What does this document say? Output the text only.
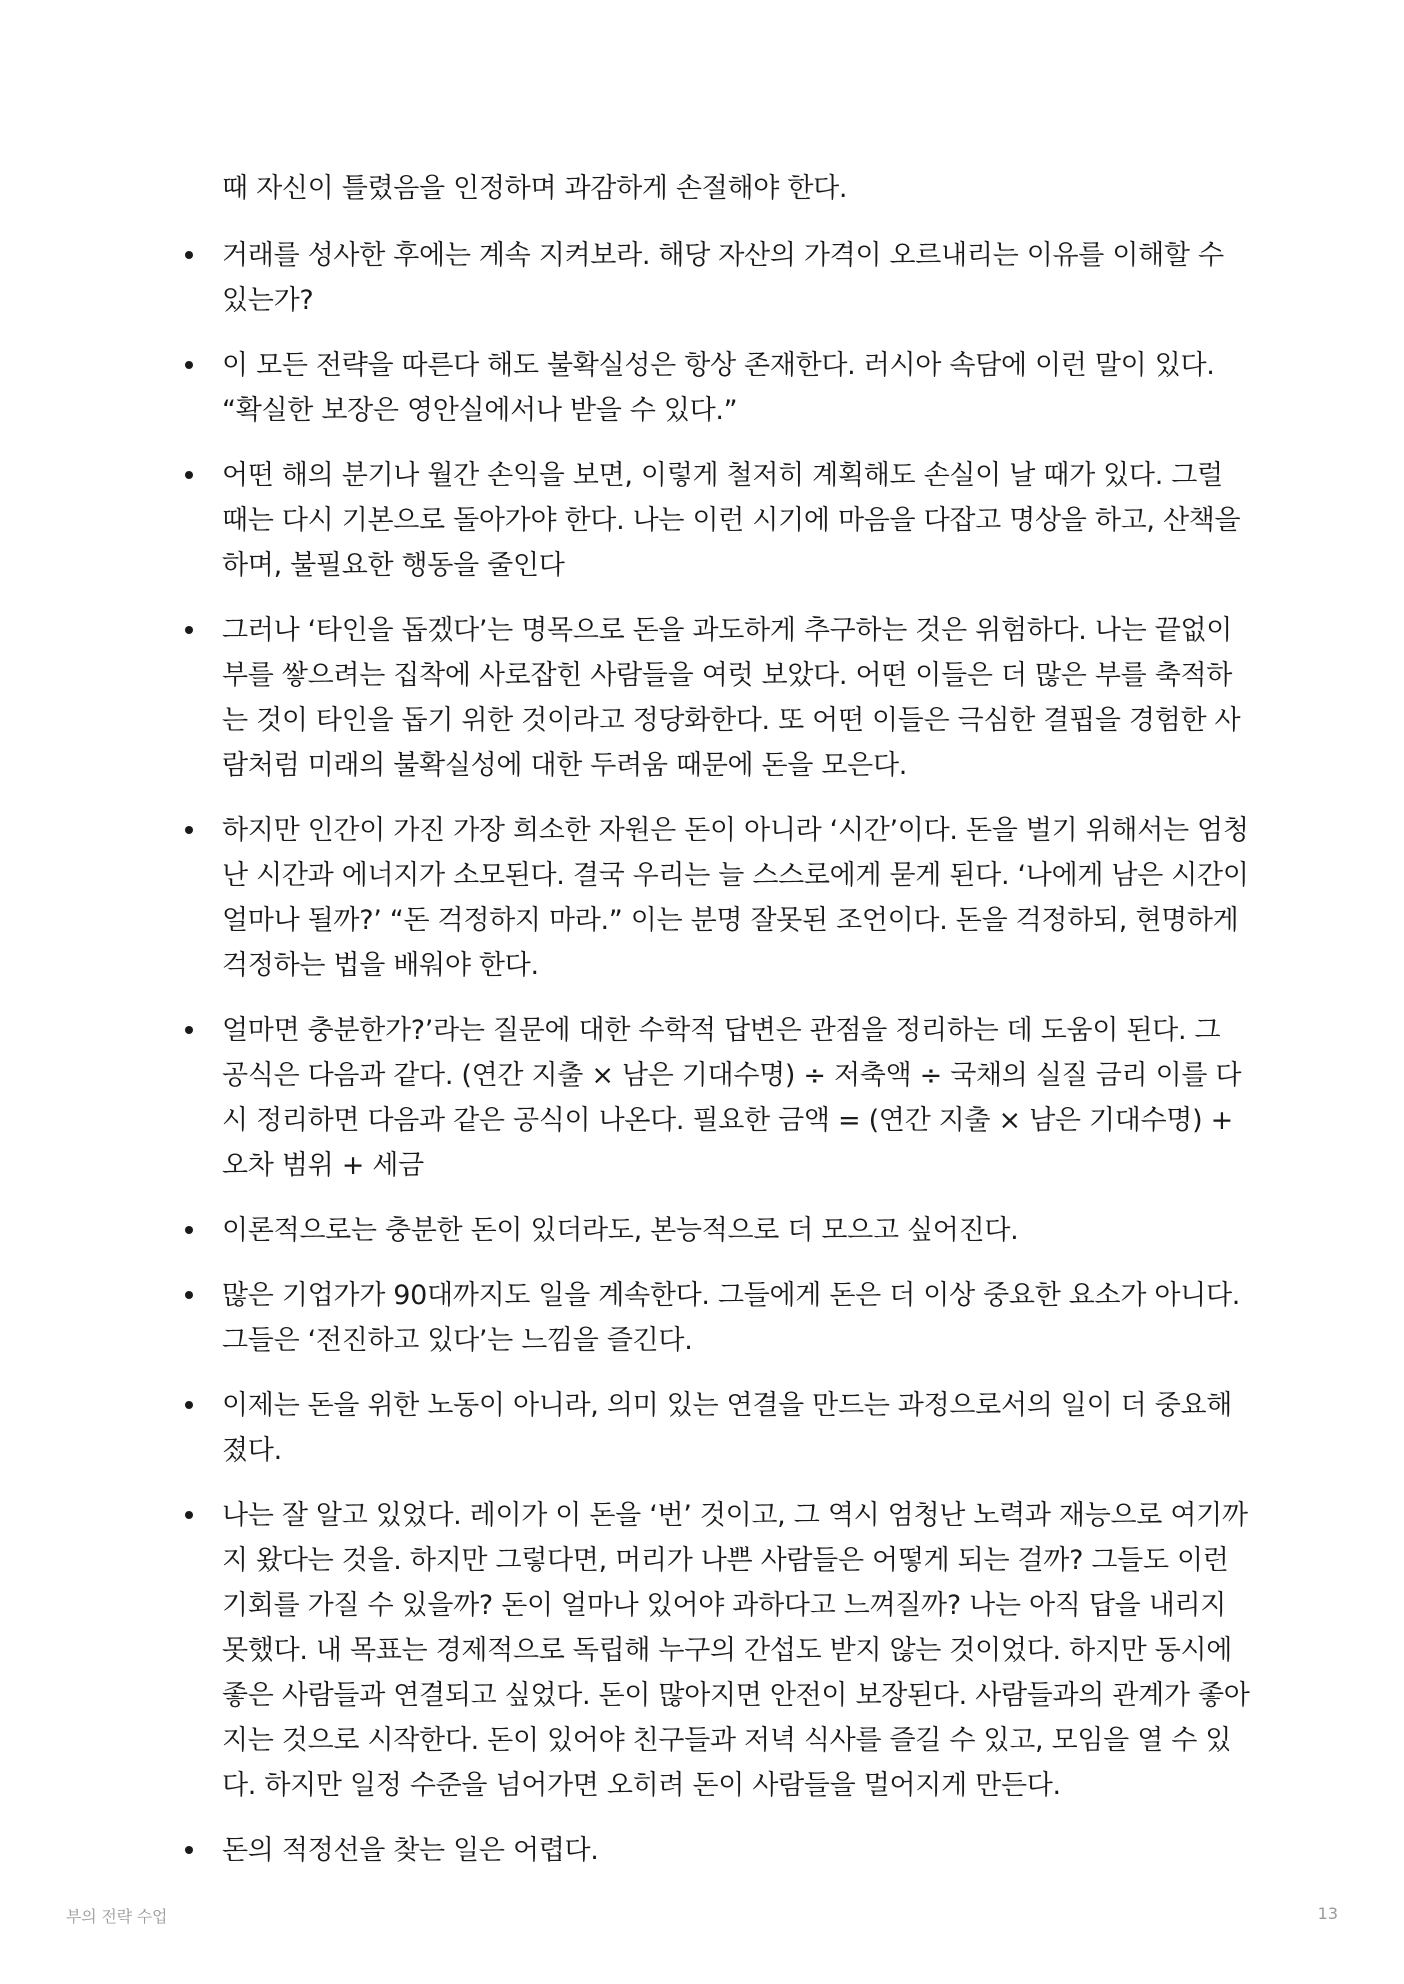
때 자신이 틀렸음을 인정하며 과감하게 손절해야 한다.

거래를 성사한 후에는 계속 지켜보라. 해당 자산의 가격이 오르내리는 이유를 이해할 수 있는가?
이 모든 전략을 따른다 해도 불확실성은 항상 존재한다. 러시아 속담에 이런 말이 있다. “확실한 보장은 영안실에서나 받을 수 있다.”
어떤 해의 분기나 월간 손익을 보면, 이렇게 철저히 계획해도 손실이 날 때가 있다. 그럴 때는 다시 기본으로 돌아가야 한다. 나는 이런 시기에 마음을 다잡고 명상을 하고, 산책을 하며, 불필요한 행동을 줄인다
그러나 ‘타인을 돕겠다’는 명목으로 돈을 과도하게 추구하는 것은 위험하다. 나는 끝없이 부를 쌓으려는 집착에 사로잡힌 사람들을 여럿 보았다. 어떤 이들은 더 많은 부를 축적하는 것이 타인을 돕기 위한 것이라고 정당화한다. 또 어떤 이들은 극심한 결핍을 경험한 사람처럼 미래의 불확실성에 대한 두려움 때문에 돈을 모은다.
하지만 인간이 가진 가장 희소한 자원은 돈이 아니라 ‘시간’이다. 돈을 벌기 위해서는 엄청난 시간과 에너지가 소모된다. 결국 우리는 늘 스스로에게 묻게 된다. ‘나에게 남은 시간이 얼마나 될까?’ “돈 걱정하지 마라.” 이는 분명 잘못된 조언이다. 돈을 걱정하되, 현명하게 걱정하는 법을 배워야 한다.
얼마면 충분한가?’라는 질문에 대한 수학적 답변은 관점을 정리하는 데 도움이 된다. 그 공식은 다음과 같다. (연간 지출 × 남은 기대수명) ÷ 저축액 ÷ 국채의 실질 금리 이를 다시 정리하면 다음과 같은 공식이 나온다. 필요한 금액 = (연간 지출 × 남은 기대수명) + 오차 범위 + 세금
이론적으로는 충분한 돈이 있더라도, 본능적으로 더 모으고 싶어진다.
많은 기업가가 90대까지도 일을 계속한다. 그들에게 돈은 더 이상 중요한 요소가 아니다. 그들은 ‘전진하고 있다’는 느낌을 즐긴다.
이제는 돈을 위한 노동이 아니라, 의미 있는 연결을 만드는 과정으로서의 일이 더 중요해졌다.
나는 잘 알고 있었다. 레이가 이 돈을 ‘번’ 것이고, 그 역시 엄청난 노력과 재능으로 여기까지 왔다는 것을. 하지만 그렇다면, 머리가 나쁜 사람들은 어떻게 되는 걸까? 그들도 이런 기회를 가질 수 있을까? 돈이 얼마나 있어야 과하다고 느껴질까? 나는 아직 답을 내리지 못했다. 내 목표는 경제적으로 독립해 누구의 간섭도 받지 않는 것이었다. 하지만 동시에 좋은 사람들과 연결되고 싶었다. 돈이 많아지면 안전이 보장된다. 사람들과의 관계가 좋아지는 것으로 시작한다. 돈이 있어야 친구들과 저녁 식사를 즐길 수 있고, 모임을 열 수 있다. 하지만 일정 수준을 넘어가면 오히려 돈이 사람들을 멀어지게 만든다.
돈의 적정선을 찾는 일은 어렵다.
부의 전략 수업	13
